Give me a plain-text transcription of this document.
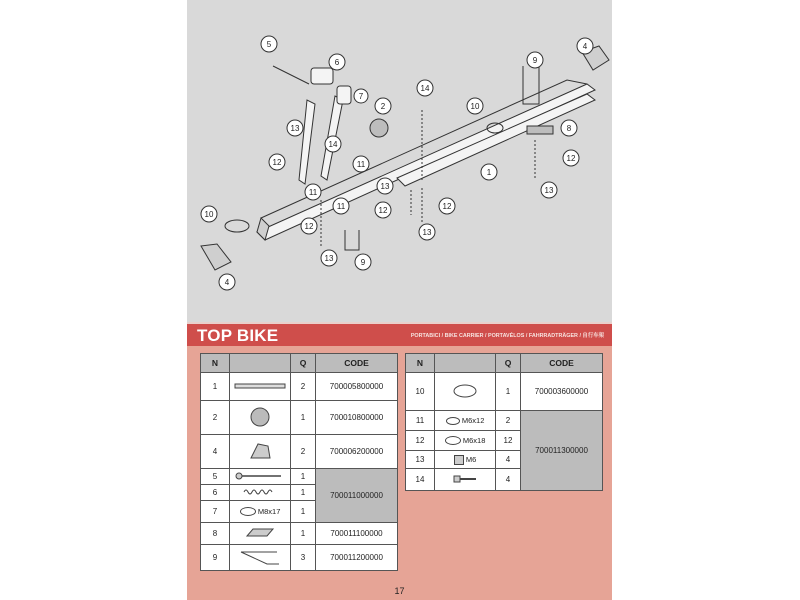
5
6
7
2
14
10
9
4
8
12
13
1
13
14
12	11
11
13
11	12	12
12
13
13	9
10
4
TOP BIKE	PORTABICI / BIKE CARRIER / PORTAVÉLOS / FAHRRADTRÄGER / 自行车架
N		Q	CODE
1		2	700005800000
2		1	700010800000
4		2	700006200000
5		1	700011000000
6		1	
7	M8x17	1	
8		1	700011100000
9		3	700011200000
N		Q	CODE
10		1	700003600000
11	M6x12	2	700011300000
12	M6x18	12	
13	M6	4	
14		4	
17
